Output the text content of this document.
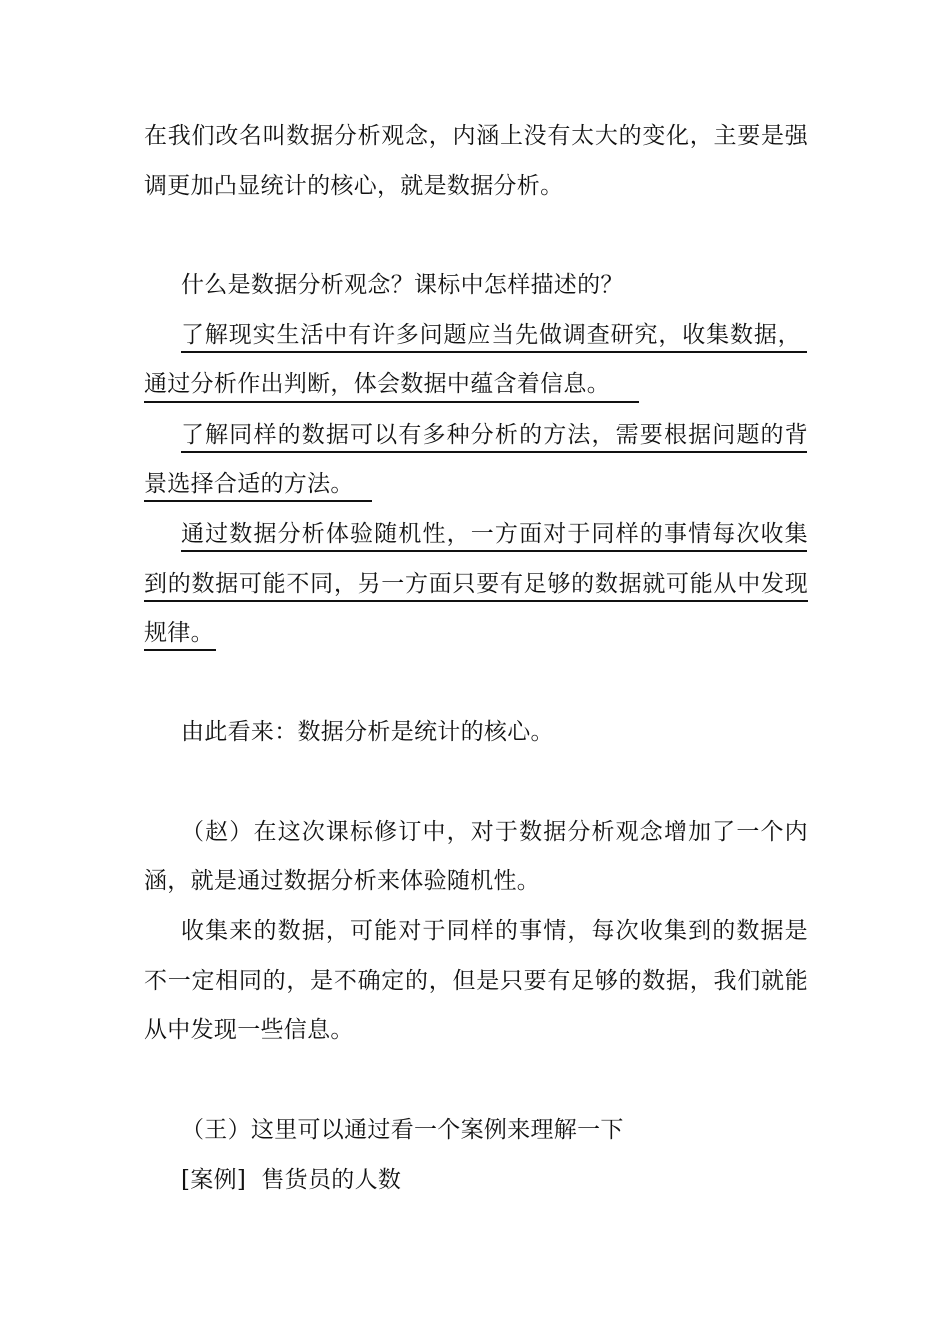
在我们改名叫数据分析观念，内涵上没有太大的变化，主要是强
调更加凸显统计的核心，就是数据分析。
什么是数据分析观念？课标中怎样描述的？
了解现实生活中有许多问题应当先做调查研究，收集数据，
通过分析作出判断，体会数据中蕴含着信息。
了解同样的数据可以有多种分析的方法，需要根据问题的背
景选择合适的方法。
通过数据分析体验随机性，一方面对于同样的事情每次收集
到的数据可能不同，另一方面只要有足够的数据就可能从中发现
规律。
由此看来：数据分析是统计的核心。
（赵）在这次课标修订中，对于数据分析观念增加了一个内
涵，就是通过数据分析来体验随机性。
收集来的数据，可能对于同样的事情，每次收集到的数据是
不一定相同的，是不确定的，但是只要有足够的数据，我们就能
从中发现一些信息。
（王）这里可以通过看一个案例来理解一下
[案例]  售货员的人数
